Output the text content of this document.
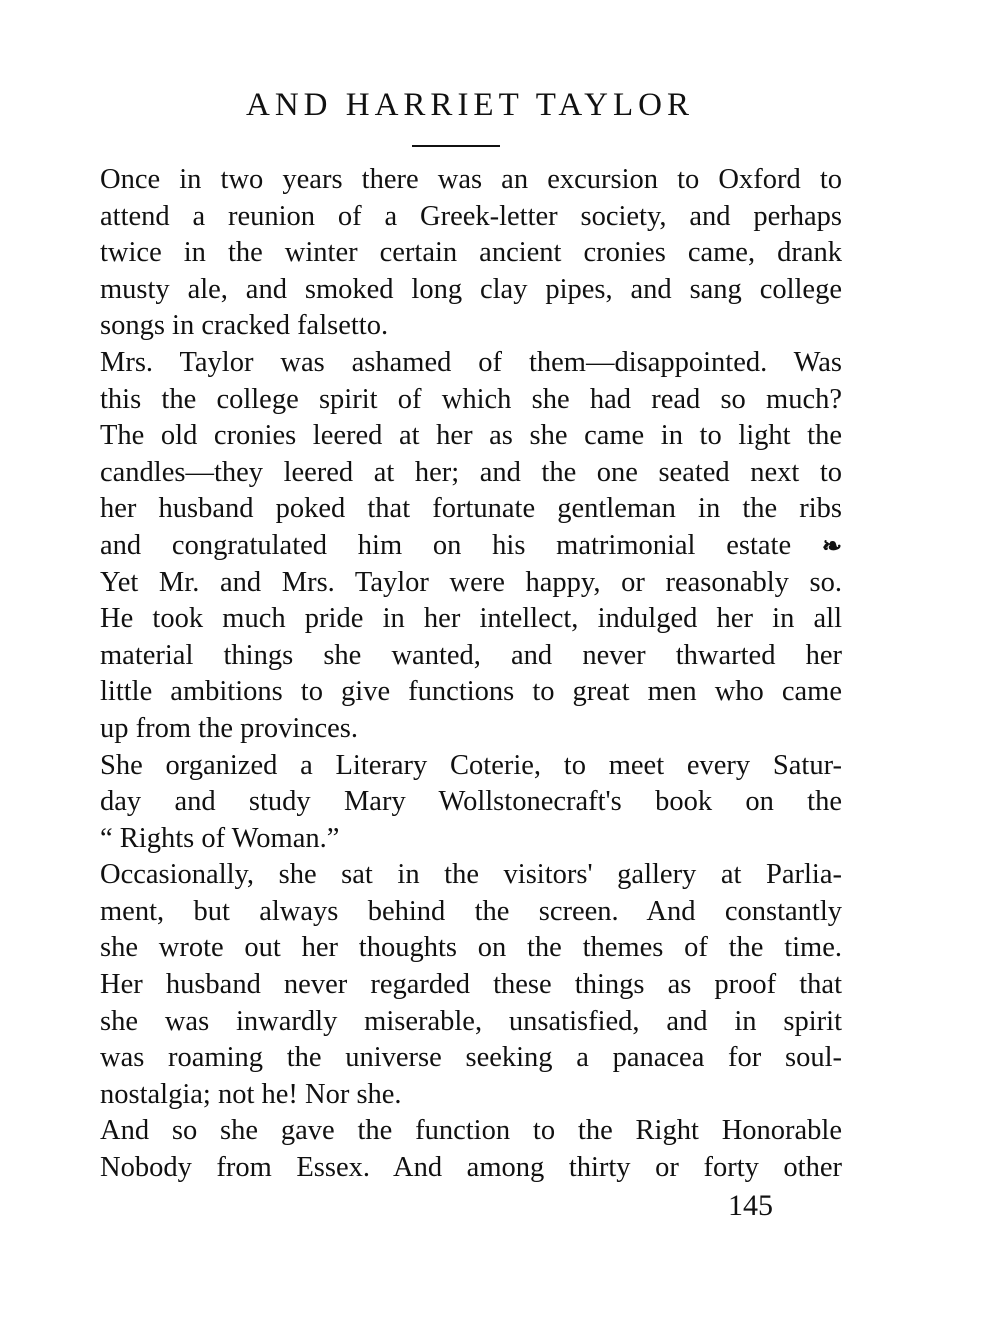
AND HARRIET TAYLOR
Once in two years there was an excursion to Oxford to
attend a reunion of a Greek-letter society, and perhaps
twice in the winter certain ancient cronies came, drank
musty ale, and smoked long clay pipes, and sang college
songs in cracked falsetto.
Mrs. Taylor was ashamed of them—disappointed. Was
this the college spirit of which she had read so much?
The old cronies leered at her as she came in to light the
candles—they leered at her; and the one seated next to
her husband poked that fortunate gentleman in the ribs
and congratulated him on his matrimonial estate ❧
Yet Mr. and Mrs. Taylor were happy, or reasonably so.
He took much pride in her intellect, indulged her in all
material things she wanted, and never thwarted her
little ambitions to give functions to great men who came
up from the provinces.
She organized a Literary Coterie, to meet every Satur-
day and study Mary Wollstonecraft's book on the
“ Rights of Woman.”
Occasionally, she sat in the visitors' gallery at Parlia-
ment, but always behind the screen. And constantly
she wrote out her thoughts on the themes of the time.
Her husband never regarded these things as proof that
she was inwardly miserable, unsatisfied, and in spirit
was roaming the universe seeking a panacea for soul-
nostalgia; not he! Nor she.
And so she gave the function to the Right Honorable
Nobody from Essex. And among thirty or forty other
145
